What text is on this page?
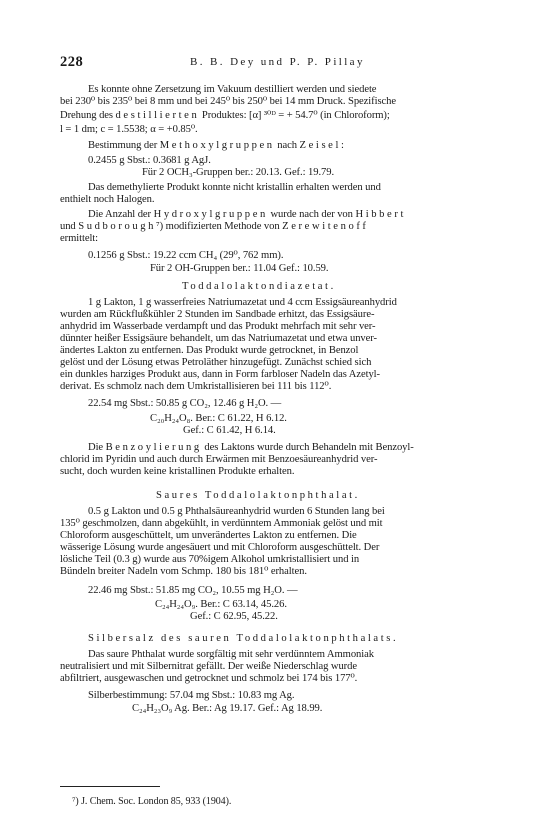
228	B. B. Dey und P. P. Pillay
Es konnte ohne Zersetzung im Vakuum destilliert werden und siedete
bei 230⁰ bis 235⁰ bei 8 mm und bei 245⁰ bis 250⁰ bei 14 mm Druck. Spezifische
Drehung des destillierten Produktes: [α] ³⁰ᴰ = + 54.7⁰ (in Chloroform);
l = 1 dm; c = 1.5538; α = +0.85⁰.
Bestimmung der Methoxylgruppen nach Zeisel:
0.2455 g Sbst.: 0.3681 g AgJ.
Für 2 OCH₃-Gruppen ber.: 20.13. Gef.: 19.79.
Das demethylierte Produkt konnte nicht kristallin erhalten werden und
enthielt noch Halogen.
Die Anzahl der Hydroxylgruppen wurde nach der von Hibbert
und Sudborough⁷) modifizierten Methode von Zerewitenoff
ermittelt:
0.1256 g Sbst.: 19.22 ccm CH₄ (29⁰, 762 mm).
Für 2 OH-Gruppen ber.: 11.04 Gef.: 10.59.
Toddalolaktondiazetat.
1 g Lakton, 1 g wasserfreies Natriumazetat und 4 ccm Essigsäureanhydrid
wurden am Rückflußkühler 2 Stunden im Sandbade erhitzt, das Essigsäure-
anhydrid im Wasserbade verdampft und das Produkt mehrfach mit sehr ver-
dünnter heißer Essigsäure behandelt, um das Natriumazetat und etwa unver-
ändertes Lakton zu entfernen. Das Produkt wurde getrocknet, in Benzol
gelöst und der Lösung etwas Petroläther hinzugefügt. Zunächst schied sich
ein dunkles harziges Produkt aus, dann in Form farbloser Nadeln das Azetyl-
derivat. Es schmolz nach dem Umkristallisieren bei 111 bis 112⁰.
22.54 mg Sbst.: 50.85 g CO₂, 12.46 g H₂O. —
C₂₀H₂₄O₈. Ber.: C 61.22, H 6.12.
Gef.: C 61.42, H 6.14.
Die Benzoylierung des Laktons wurde durch Behandeln mit Benzoyl-
chlorid im Pyridin und auch durch Erwärmen mit Benzoesäureanhydrid ver-
sucht, doch wurden keine kristallinen Produkte erhalten.
Saures Toddalolaktonphthalat.
0.5 g Lakton und 0.5 g Phthalsäureanhydrid wurden 6 Stunden lang bei
135⁰ geschmolzen, dann abgekühlt, in verdünntem Ammoniak gelöst und mit
Chloroform ausgeschüttelt, um unverändertes Lakton zu entfernen. Die
wässerige Lösung wurde angesäuert und mit Chloroform ausgeschüttelt. Der
lösliche Teil (0.3 g) wurde aus 70%igem Alkohol umkristallisiert und in
Bündeln breiter Nadeln vom Schmp. 180 bis 181⁰ erhalten.
22.46 mg Sbst.: 51.85 mg CO₂, 10.55 mg H₂O. —
C₂₄H₂₄O₉. Ber.: C 63.14, 45.26.
Gef.: C 62.95, 45.22.
Silbersalz des sauren Toddalolaktonphthalats.
Das saure Phthalat wurde sorgfältig mit sehr verdünntem Ammoniak
neutralisiert und mit Silbernitrat gefällt. Der weiße Niederschlag wurde
abfiltriert, ausgewaschen und getrocknet und schmolz bei 174 bis 177⁰.
Silberbestimmung: 57.04 mg Sbst.: 10.83 mg Ag.
C₂₄H₂₃O₉ Ag. Ber.: Ag 19.17. Gef.: Ag 18.99.
⁷) J. Chem. Soc. London 85, 933 (1904).
